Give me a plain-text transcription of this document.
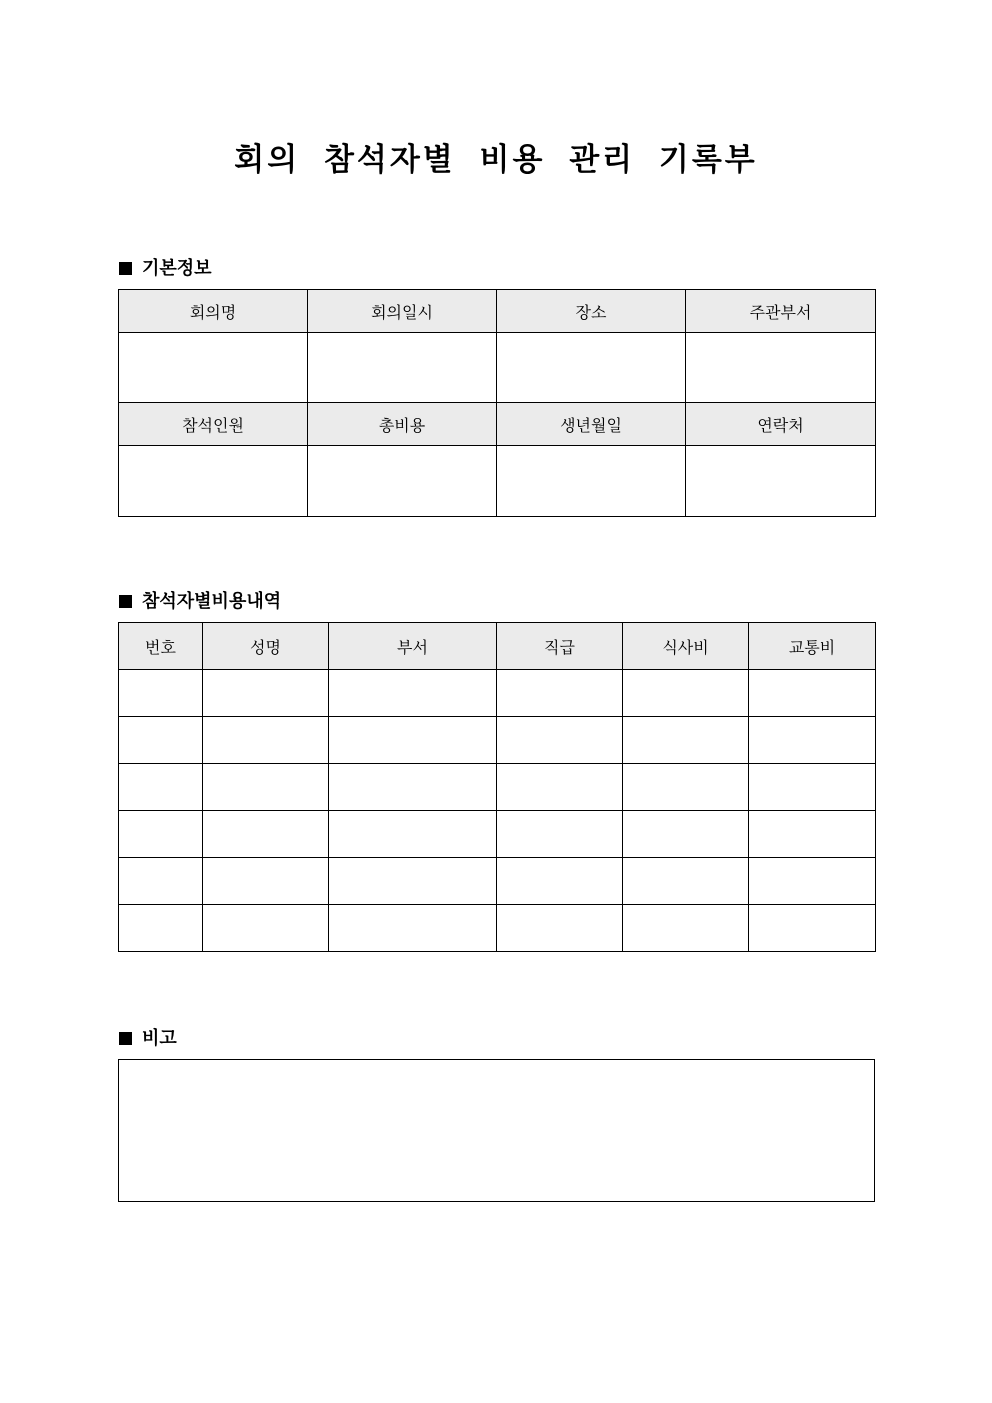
회의 참석자별 비용 관리 기록부
기본정보
회의명	회의일시	장소	주관부서

참석인원	총비용	생년월일	연락처

참석자별비용내역
번호	성명	부서	직급	식사비	교통비

비고
